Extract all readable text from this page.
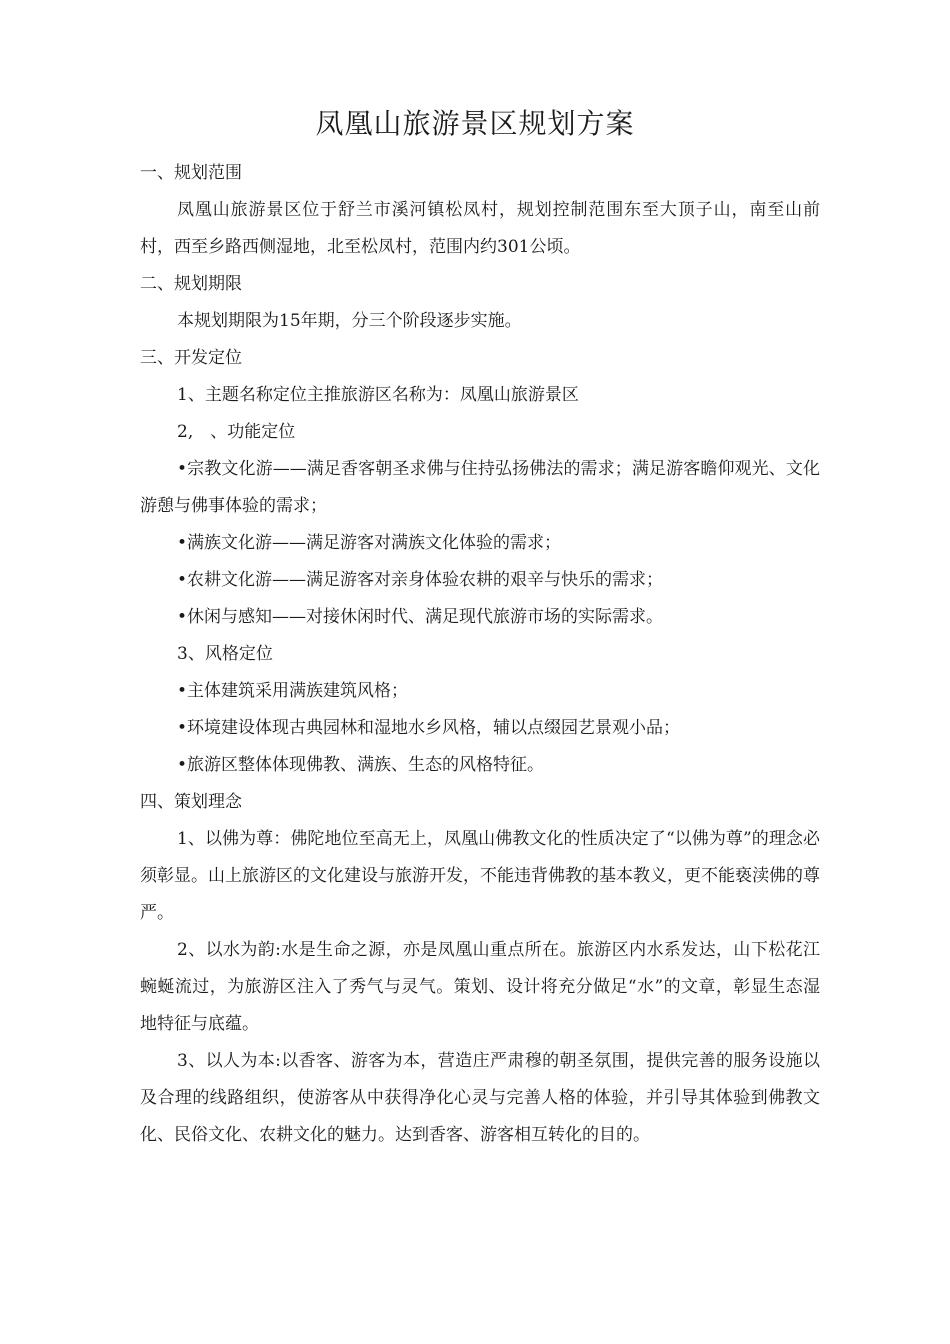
凤凰山旅游景区规划方案

一、规划范围

凤凰山旅游景区位于舒兰市溪河镇松凤村，规划控制范围东至大顶子山，南至山前村，西至乡路西侧湿地，北至松凤村，范围内约301公顷。

二、规划期限

本规划期限为15年期，分三个阶段逐步实施。

三、开发定位

1、主题名称定位主推旅游区名称为：凤凰山旅游景区

2,　、功能定位

•宗教文化游——满足香客朝圣求佛与住持弘扬佛法的需求；满足游客瞻仰观光、文化游憩与佛事体验的需求；

•满族文化游——满足游客对满族文化体验的需求；

•农耕文化游——满足游客对亲身体验农耕的艰辛与快乐的需求；

•休闲与感知——对接休闲时代、满足现代旅游市场的实际需求。

3、风格定位

•主体建筑采用满族建筑风格；

•环境建设体现古典园林和湿地水乡风格，辅以点缀园艺景观小品；

•旅游区整体体现佛教、满族、生态的风格特征。

四、策划理念

1、以佛为尊：佛陀地位至高无上，凤凰山佛教文化的性质决定了“以佛为尊”的理念必须彰显。山上旅游区的文化建设与旅游开发，不能违背佛教的基本教义，更不能亵渎佛的尊严。

2、以水为韵:水是生命之源，亦是凤凰山重点所在。旅游区内水系发达，山下松花江蜿蜒流过，为旅游区注入了秀气与灵气。策划、设计将充分做足“水”的文章，彰显生态湿地特征与底蕴。

3、以人为本:以香客、游客为本，营造庄严肃穆的朝圣氛围，提供完善的服务设施以及合理的线路组织，使游客从中获得净化心灵与完善人格的体验，并引导其体验到佛教文化、民俗文化、农耕文化的魅力。达到香客、游客相互转化的目的。
